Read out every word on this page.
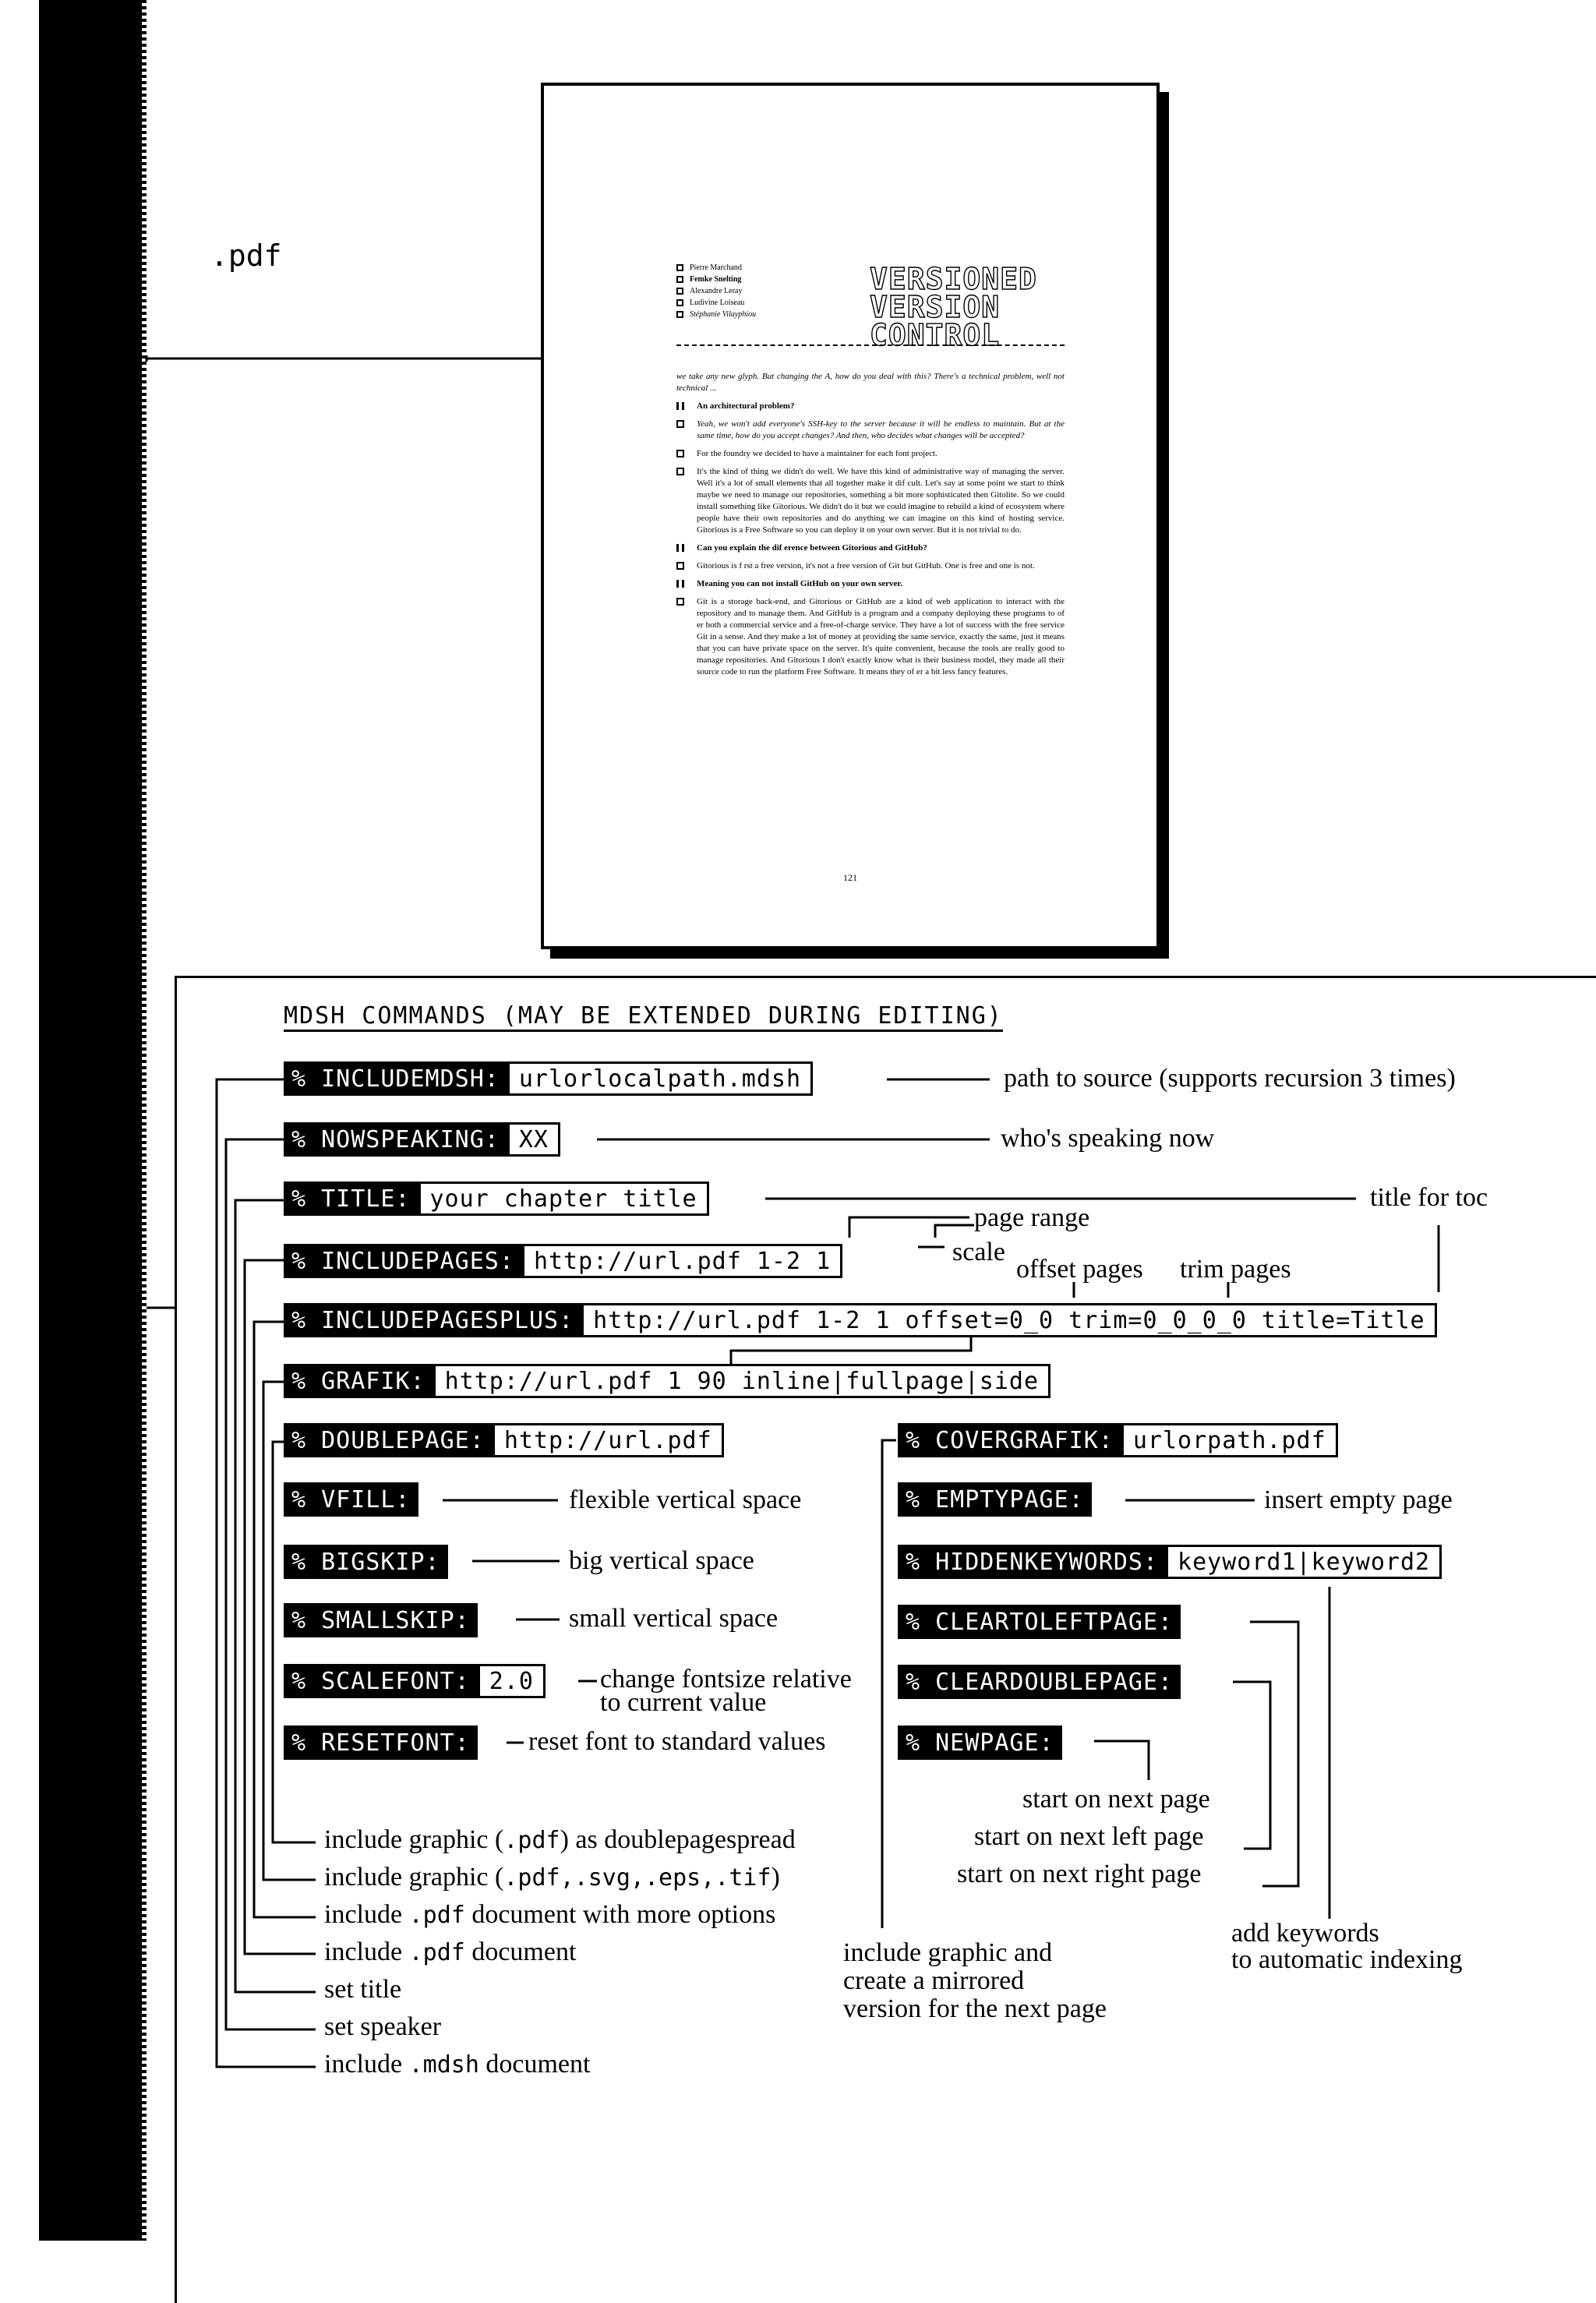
.pdf	Pierre Marchand
Femke Snelting
Alexandre Leray
Ludivine Loiseau
Stéphanie Vilayphiou
VERSIONED
VERSION
CONTROL
we take any new glyph. But changing the A, how do you deal with this? There's a technical problem, well not technical ...
An architectural problem?
Yeah, we won't add everyone's SSH-key to the server because it will be endless to maintain. But at the same time, how do you accept changes? And then, who decides what changes will be accepted?
For the foundry we decided to have a maintainer for each font project.
It's the kind of thing we didn't do well. We have this kind of administrative way of managing the server. Well it's a lot of small elements that all together make it dif cult. Let's say at some point we start to think maybe we need to manage our repositories, something a bit more sophisticated then Gitolite. So we could install something like Gitorious. We didn't do it but we could imagine to rebuild a kind of ecosystem where people have their own repositories and do anything we can imagine on this kind of hosting service. Gitorious is a Free Software so you can deploy it on your own server. But it is not trivial to do.
Can you explain the dif erence between Gitorious and GitHub?
Gitorious is f rst a free version, it's not a free version of Git but GitHub. One is free and one is not.
Meaning you can not install GitHub on your own server.
Git is a storage back-end, and Gitorious or GitHub are a kind of web application to interact with the repository and to manage them. And GitHub is a program and a company deploying these programs to of er both a commercial service and a free-of-charge service. They have a lot of success with the free service Git in a sense. And they make a lot of money at providing the same service, exactly the same, just it means that you can have private space on the server. It's quite convenient, because the tools are really good to manage repositories. And Gitorious I don't exactly know what is their business model, they made all their source code to run the platform Free Software. It means they of er a bit less fancy features.
121
MDSH COMMANDS (MAY BE EXTENDED DURING EDITING)
% INCLUDEMDSH: urlorlocalpath.mdsh	path to source (supports recursion 3 times)
% NOWSPEAKING: XX	who's speaking now
% TITLE: your chapter title	title for toc
% INCLUDEPAGES: http://url.pdf 1-2 1
page range
scale
% INCLUDEPAGESPLUS: http://url.pdf 1-2 1 offset=0_0 trim=0_0_0_0 title=Title
offset pages trim pages
% GRAFIK: http://url.pdf 1 90 inline|fullpage|side
% DOUBLEPAGE: http://url.pdf
% VFILL:	flexible vertical space
% BIGSKIP:	big vertical space
% SMALLSKIP:	small vertical space
% SCALEFONT: 2.0	change fontsize relative
to current value
% RESETFONT: reset font to standard values
% COVERGRAFIK: urlorpath.pdf
% EMPTYPAGE:	insert empty page
% HIDDENKEYWORDS: keyword1|keyword2
% CLEARTOLEFTPAGE:
% CLEARDOUBLEPAGE:
% NEWPAGE:
start on next page
start on next left page
start on next right page
include graphic and
create a mirrored
version for the next page
add keywords
to automatic indexing
include graphic (.pdf) as doublepagespread
include graphic (.pdf,.svg,.eps,.tif)
include .pdf document with more options
include .pdf document
set title
set speaker
include .mdsh document
